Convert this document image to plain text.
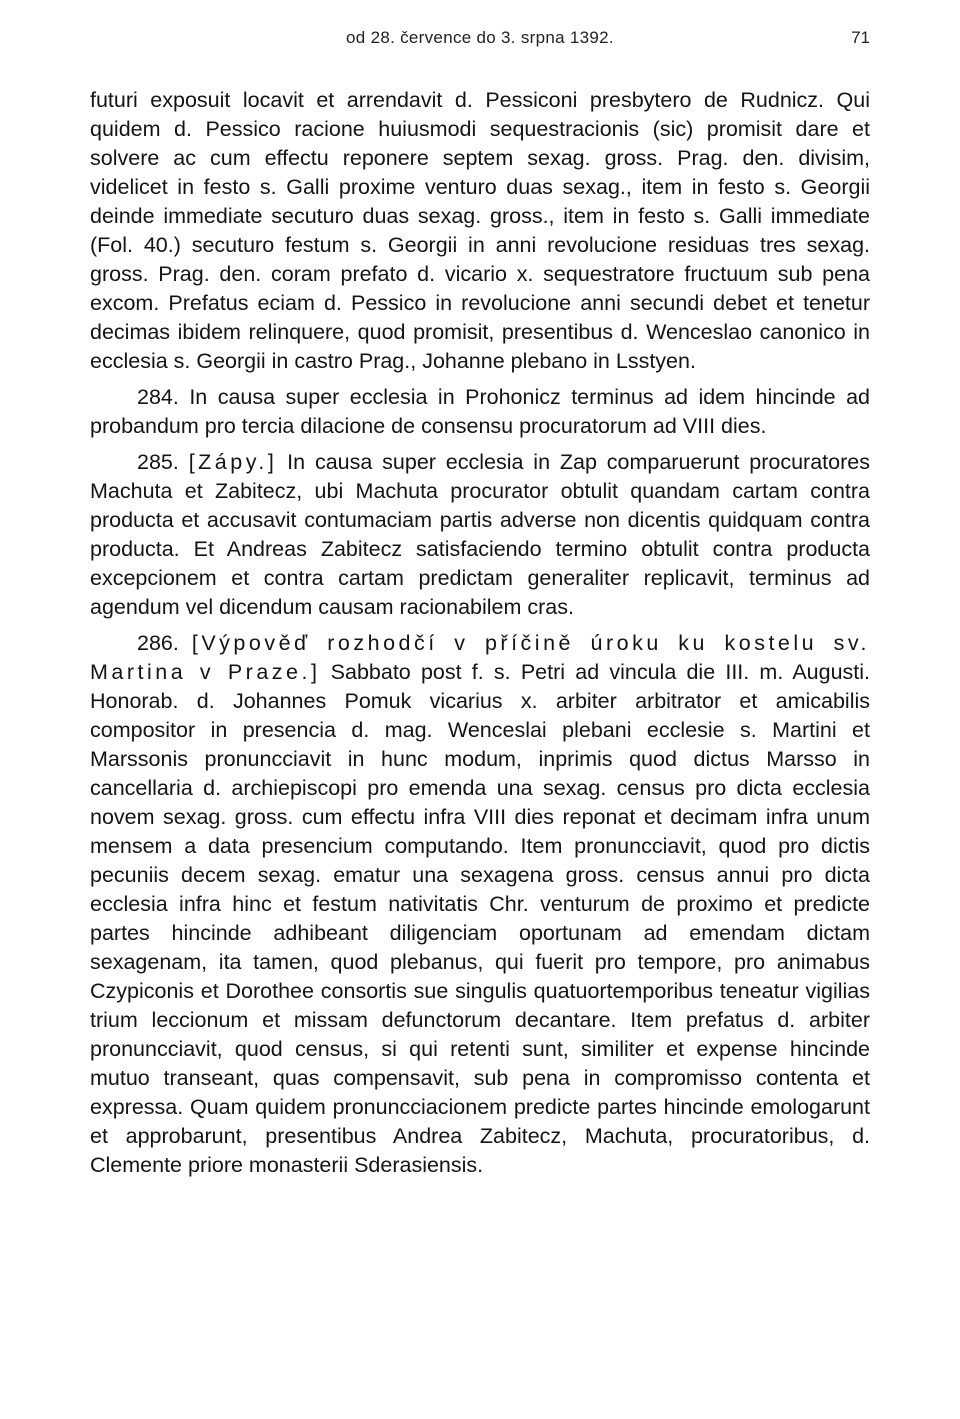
od 28. července do 3. srpna 1392.	71

futuri exposuit locavit et arrendavit d. Pessiconi presbytero de Rudnicz. Qui quidem d. Pessico racione huiusmodi sequestracionis (sic) promisit dare et solvere ac cum effectu reponere septem sexag. gross. Prag. den. divisim, videlicet in festo s. Galli proxime venturo duas sexag., item in festo s. Georgii deinde immediate secuturo duas sexag. gross., item in festo s. Galli immediate (Fol. 40.) secuturo festum s. Georgii in anni revolucione residuas tres sexag. gross. Prag. den. coram prefato d. vicario x. sequestratore fructuum sub pena excom. Prefatus eciam d. Pessico in revolucione anni secundi debet et tenetur decimas ibidem relinquere, quod promisit, presentibus d. Wenceslao canonico in ecclesia s. Georgii in castro Prag., Johanne plebano in Lsstyen.

284. In causa super ecclesia in Prohonicz terminus ad idem hincinde ad probandum pro tercia dilacione de consensu procuratorum ad VIII dies.

285. [Zápy.] In causa super ecclesia in Zap comparuerunt procuratores Machuta et Zabitecz, ubi Machuta procurator obtulit quandam cartam contra producta et accusavit contumaciam partis adverse non dicentis quidquam contra producta. Et Andreas Zabitecz satisfaciendo termino obtulit contra producta excepcionem et contra cartam predictam generaliter replicavit, terminus ad agendum vel dicendum causam racionabilem cras.

286. [Výpověď rozhodčí v příčině úroku ku kostelu sv. Martina v Praze.] Sabbato post f. s. Petri ad vincula die III. m. Augusti. Honorab. d. Johannes Pomuk vicarius x. arbiter arbitrator et amicabilis compositor in presencia d. mag. Wenceslai plebani ecclesie s. Martini et Marssonis pronuncciavit in hunc modum, inprimis quod dictus Marsso in cancellaria d. archiepiscopi pro emenda una sexag. census pro dicta ecclesia novem sexag. gross. cum effectu infra VIII dies reponat et decimam infra unum mensem a data presencium computando. Item pronuncciavit, quod pro dictis pecuniis decem sexag. ematur una sexagena gross. census annui pro dicta ecclesia infra hinc et festum nativitatis Chr. venturum de proximo et predicte partes hincinde adhibeant diligenciam oportunam ad emendam dictam sexagenam, ita tamen, quod plebanus, qui fuerit pro tempore, pro animabus Czypiconis et Dorothee consortis sue singulis quatuortemporibus teneatur vigilias trium leccionum et missam defunctorum decantare. Item prefatus d. arbiter pronuncciavit, quod census, si qui retenti sunt, similiter et expense hincinde mutuo transeant, quas compensavit, sub pena in compromisso contenta et expressa. Quam quidem pronuncciacionem predicte partes hincinde emologarunt et approbarunt, presentibus Andrea Zabitecz, Machuta, procuratoribus, d. Clemente priore monasterii Sderasiensis.
